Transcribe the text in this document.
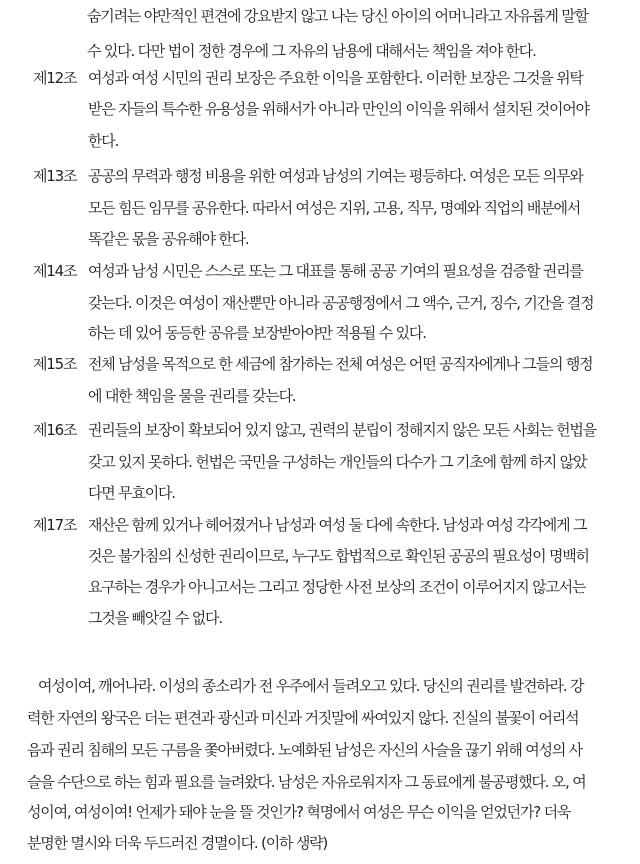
숨기려는 야만적인 편견에 강요받지 않고 나는 당신 아이의 어머니라고 자유롭게 말할
수 있다. 다만 법이 정한 경우에 그 자유의 남용에 대해서는 책임을 져야 한다.
제12조 여성과 여성 시민의 권리 보장은 주요한 이익을 포함한다. 이러한 보장은 그것을 위탁
받은 자들의 특수한 유용성을 위해서가 아니라 만인의 이익을 위해서 설치된 것이어야
한다.
제13조 공공의 무력과 행정 비용을 위한 여성과 남성의 기여는 평등하다. 여성은 모든 의무와
모든 힘든 임무를 공유한다. 따라서 여성은 지위, 고용, 직무, 명예와 직업의 배분에서
똑같은 몫을 공유해야 한다.
제14조 여성과 남성 시민은 스스로 또는 그 대표를 통해 공공 기여의 필요성을 검증할 권리를
갖는다. 이것은 여성이 재산뿐만 아니라 공공행정에서 그 액수, 근거, 징수, 기간을 결정
하는 데 있어 동등한 공유를 보장받아야만 적용될 수 있다.
제15조 전체 남성을 목적으로 한 세금에 참가하는 전체 여성은 어떤 공직자에게나 그들의 행정
에 대한 책임을 물을 권리를 갖는다.
제16조 권리들의 보장이 확보되어 있지 않고, 권력의 분립이 정해지지 않은 모든 사회는 헌법을
갖고 있지 못하다. 헌법은 국민을 구성하는 개인들의 다수가 그 기초에 함께 하지 않았
다면 무효이다.
제17조 재산은 함께 있거나 헤어졌거나 남성과 여성 둘 다에 속한다. 남성과 여성 각각에게 그
것은 불가침의 신성한 권리이므로, 누구도 합법적으로 확인된 공공의 필요성이 명백히
요구하는 경우가 아니고서는 그리고 정당한 사전 보상의 조건이 이루어지지 않고서는
그것을 빼앗길 수 없다.
여성이여, 깨어나라. 이성의 종소리가 전 우주에서 들려오고 있다. 당신의 권리를 발견하라. 강
력한 자연의 왕국은 더는 편견과 광신과 미신과 거짓말에 싸여있지 않다. 진실의 불꽃이 어리석
음과 권리 침해의 모든 구름을 쫓아버렸다. 노예화된 남성은 자신의 사슬을 끊기 위해 여성의 사
슬을 수단으로 하는 힘과 필요를 늘려왔다. 남성은 자유로워지자 그 동료에게 불공평했다. 오, 여
성이여, 여성이여! 언제가 돼야 눈을 뜰 것인가? 혁명에서 여성은 무슨 이익을 얻었던가? 더욱
분명한 멸시와 더욱 두드러진 경멸이다. (이하 생략)
